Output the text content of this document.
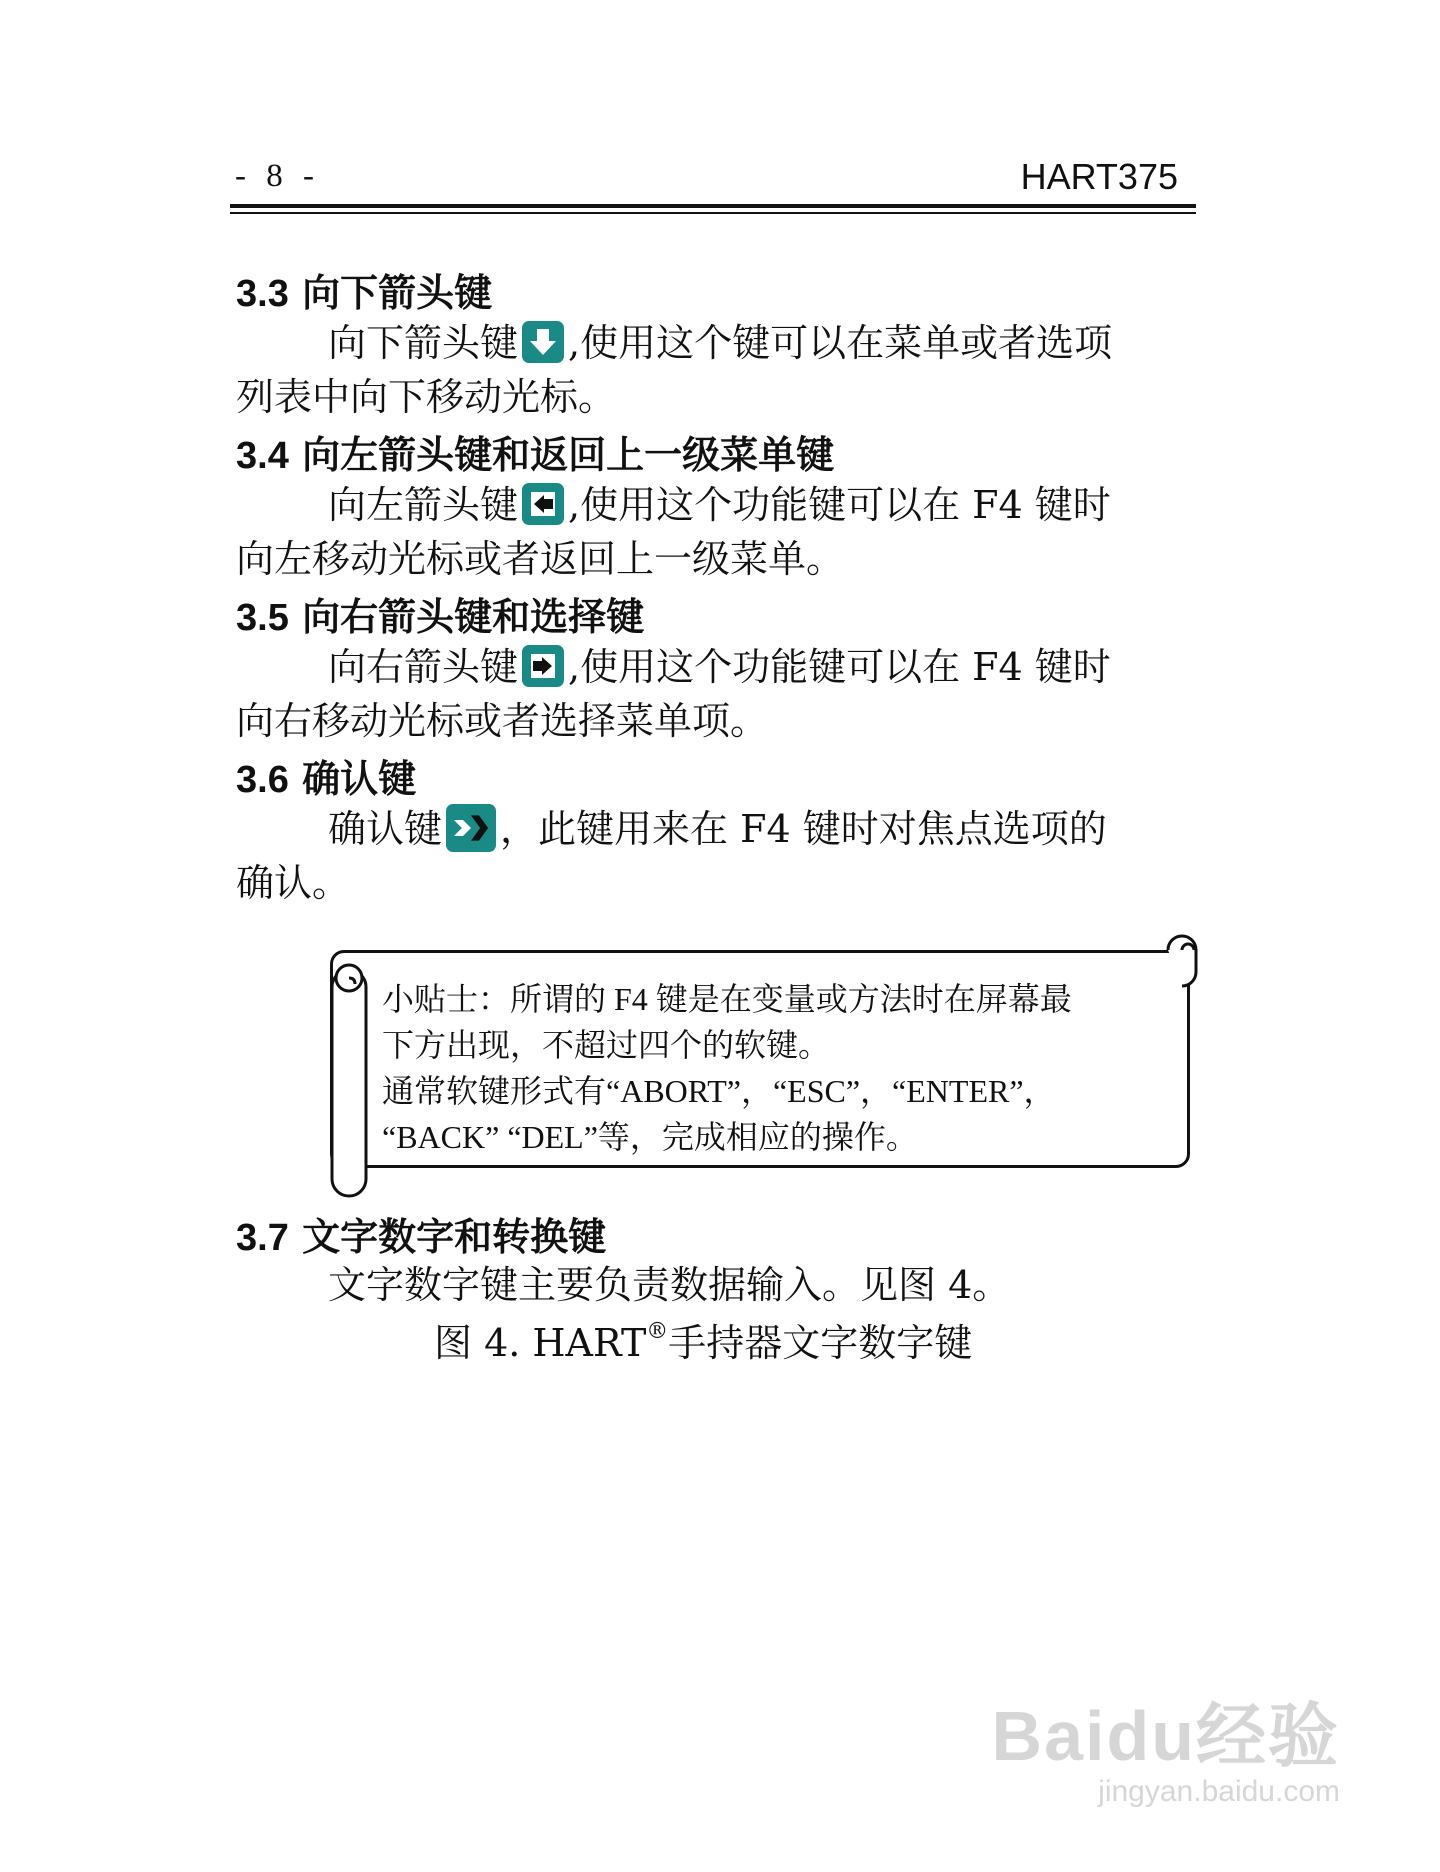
- 8 -	HART375
3.3 向下箭头键
向下箭头键 ,使用这个键可以在菜单或者选项
列表中向下移动光标。
3.4 向左箭头键和返回上一级菜单键
向左箭头键 ,使用这个功能键可以在 F4 键时
向左移动光标或者返回上一级菜单。
3.5 向右箭头键和选择键
向右箭头键 ,使用这个功能键可以在 F4 键时
向右移动光标或者选择菜单项。
3.6 确认键
确认键 ，此键用来在 F4 键时对焦点选项的
确认。
小贴士：所谓的 F4 键是在变量或方法时在屏幕最
下方出现，不超过四个的软键。
通常软键形式有“ABORT”，“ESC”，“ENTER”，
“BACK” “DEL”等，完成相应的操作。
3.7 文字数字和转换键
文字数字键主要负责数据输入。见图 4。
图 4. HART®手持器文字数字键
Baidu经验
jingyan.baidu.com
